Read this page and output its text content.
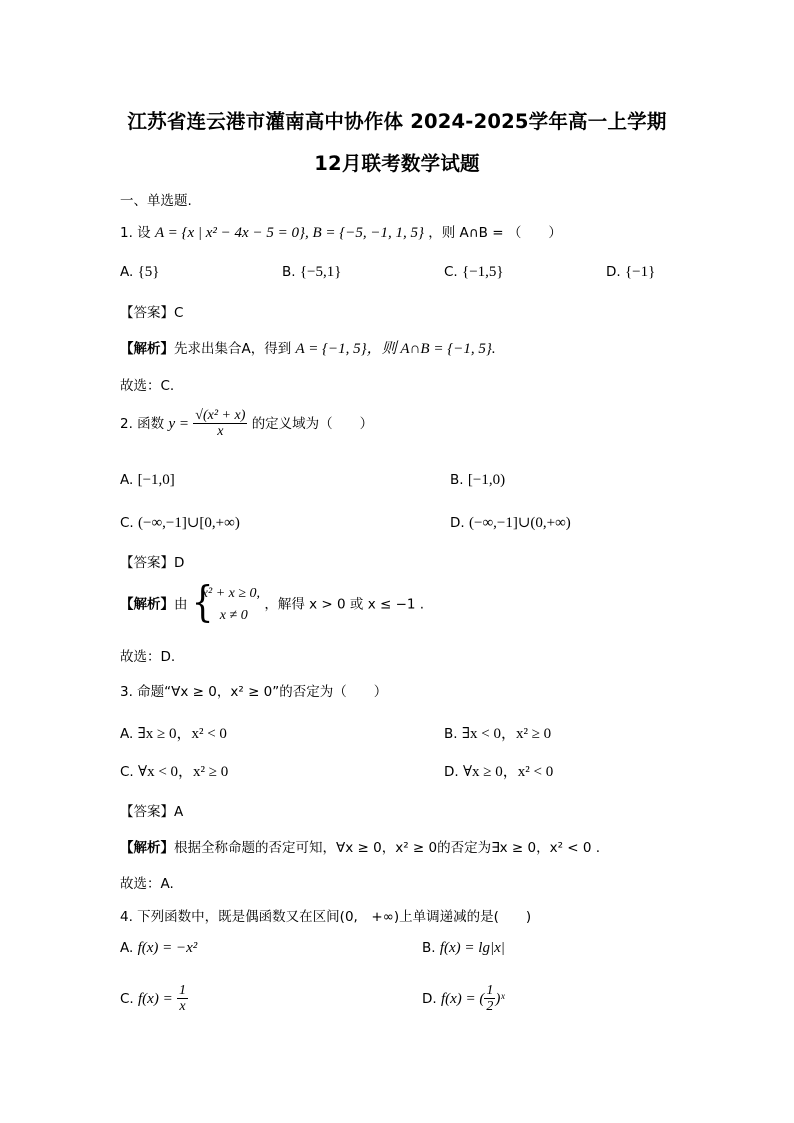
江苏省连云港市灌南高中协作体 2024-2025学年高一上学期
12月联考数学试题
一、单选题.
1. 设 A = {x | x² − 4x − 5 = 0}, B = {−5, −1, 1, 5} ，则 A∩B = （　　）
A. {5}	B. {−5,1}	C. {−1,5}	D. {−1}
【答案】C
【解析】先求出集合A，得到 A = {−1, 5}，则 A∩B = {−1, 5}.
故选：C.
2. 函数 $y = \frac{\text{√(x² + x)}}{x}$ 的定义域为（　　）
A. [−1,0]	B. [−1,0)
C. (−∞,−1]∪[0,+∞)	D. (−∞,−1]∪(0,+∞)
【答案】D
【解析】由 {
x² + x ≥ 0,
x ≠ 0
，解得 x > 0 或 x ≤ −1 .
故选：D.
3. 命题“∀x ≥ 0，x² ≥ 0”的否定为（　　）
A. ∃x ≥ 0，x² < 0	B. ∃x < 0，x² ≥ 0
C. ∀x < 0，x² ≥ 0	D. ∀x ≥ 0，x² < 0
【答案】A
【解析】根据全称命题的否定可知，∀x ≥ 0，x² ≥ 0的否定为∃x ≥ 0，x² < 0 .
故选：A.
4. 下列函数中，既是偶函数又在区间(0,　+∞)上单调递减的是(　　)
A. f(x) = −x²	B. f(x) = lg|x|
C. $f(x) = \frac{1}{x}$	D. f(x) = ( $\frac{1}{2}$ )ˣ
